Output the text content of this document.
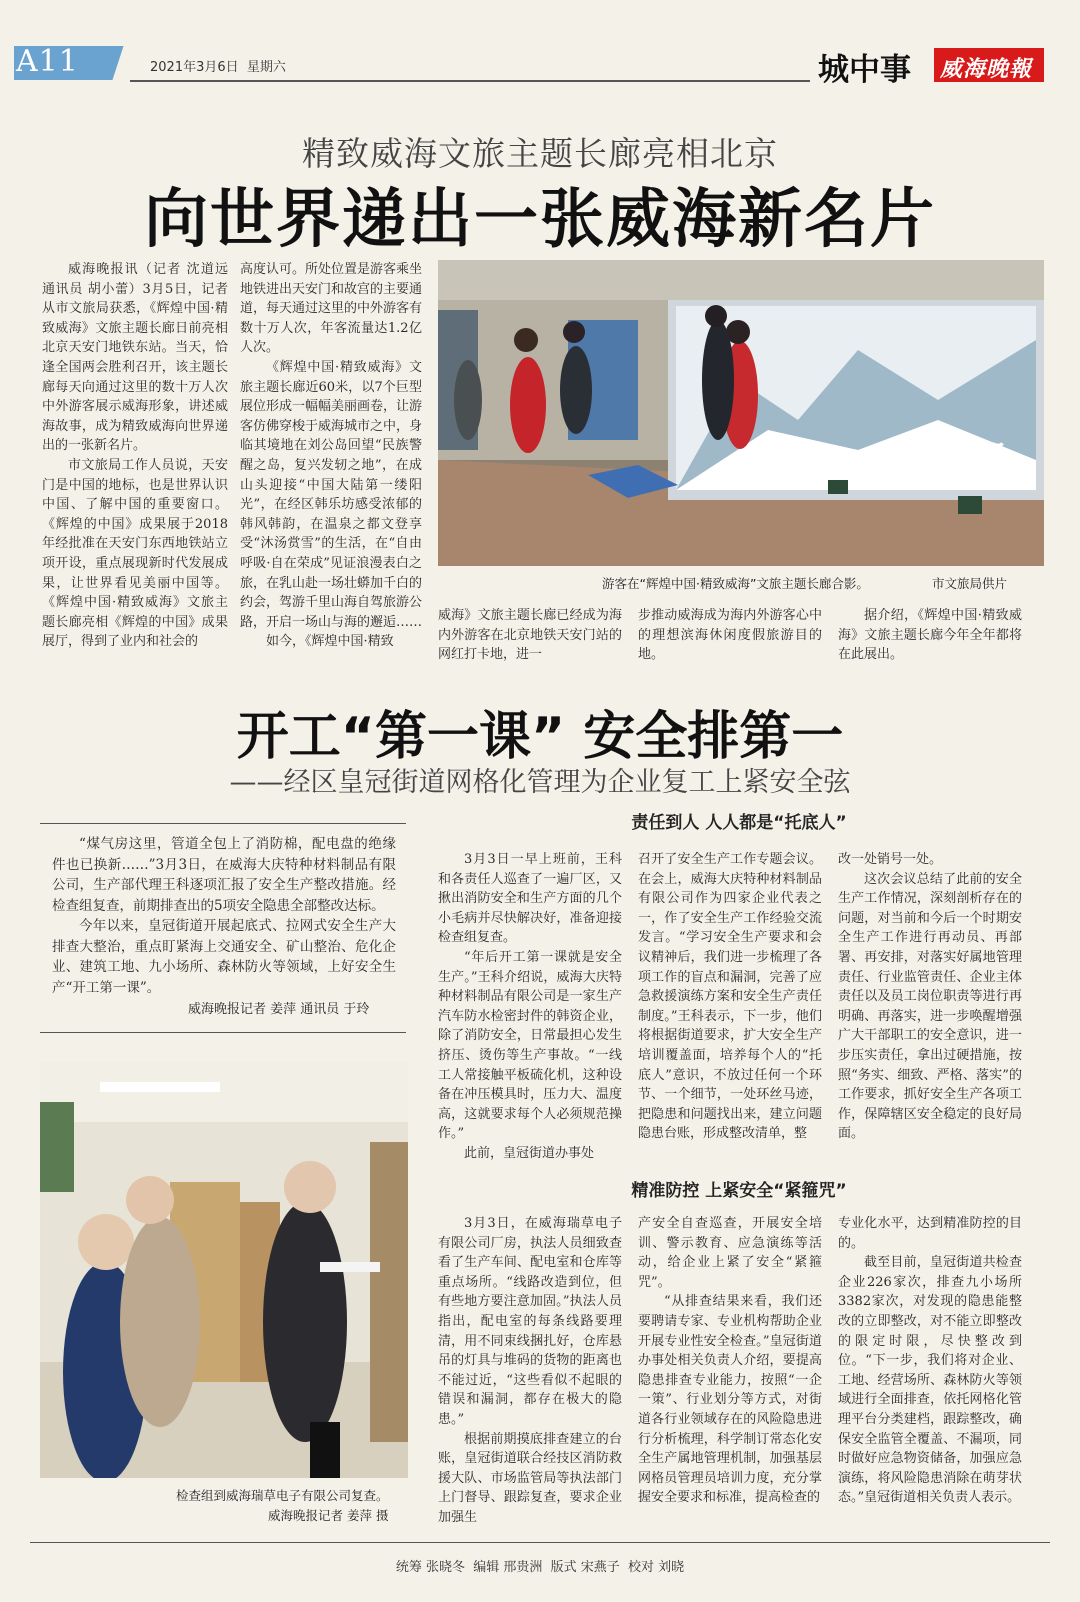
A11	2021年3月6日  星期六	城中事 威海晚報
精致威海文旅主题长廊亮相北京
向世界递出一张威海新名片

威海晚报讯（记者 沈道远 通讯员 胡小蕾）3月5日，记者从市文旅局获悉，《辉煌中国·精致威海》文旅主题长廊日前亮相北京天安门地铁东站。当天，恰逢全国两会胜利召开，该主题长廊每天向通过这里的数十万人次中外游客展示威海形象，讲述威海故事，成为精致威海向世界递出的一张新名片。

市文旅局工作人员说，天安门是中国的地标，也是世界认识中国、了解中国的重要窗口。《辉煌的中国》成果展于2018年经批准在天安门东西地铁站立项开设，重点展现新时代发展成果，让世界看见美丽中国等。《辉煌中国·精致威海》文旅主题长廊亮相《辉煌的中国》成果展厅，得到了业内和社会的

高度认可。所处位置是游客乘坐地铁进出天安门和故宫的主要通道，每天通过这里的中外游客有数十万人次，年客流量达1.2亿人次。

《辉煌中国·精致威海》文旅主题长廊近60米，以7个巨型展位形成一幅幅美丽画卷，让游客仿佛穿梭于威海城市之中，身临其境地在刘公岛回望“民族警醒之岛，复兴发轫之地”，在成山头迎接“中国大陆第一缕阳光”，在经区韩乐坊感受浓郁的韩风韩韵，在温泉之都文登享受“沐汤赏雪”的生活，在“自由呼吸·自在荣成”见证浪漫表白之旅，在乳山赴一场壮蟒加千白的约会，驾游千里山海自驾旅游公路，开启一场山与海的邂逅……

如今，《辉煌中国·精致

温泉之都·
游客在“辉煌中国·精致威海”文旅主题长廊合影。	市文旅局供片

威海》文旅主题长廊已经成为海内外游客在北京地铁天安门站的网红打卡地，进一

步推动威海成为海内外游客心中的理想滨海休闲度假旅游目的地。

据介绍，《辉煌中国·精致威海》文旅主题长廊今年全年都将在此展出。

开工“第一课” 安全排第一
——经区皇冠街道网格化管理为企业复工上紧安全弦

“煤气房这里，管道全包上了消防棉，配电盘的绝缘件也已换新……”3月3日，在威海大庆特种材料制品有限公司，生产部代理王科逐项汇报了安全生产整改措施。经检查组复查，前期排查出的5项安全隐患全部整改达标。

今年以来，皇冠街道开展起底式、拉网式安全生产大排查大整治，重点盯紧海上交通安全、矿山整治、危化企业、建筑工地、九小场所、森林防火等领域，上好安全生产“开工第一课”。

威海晚报记者 姜萍 通讯员 于玲
检查组到威海瑞草电子有限公司复查。
威海晚报记者 姜萍 摄
责任到人 人人都是“托底人”

3月3日一早上班前，王科和各责任人巡查了一遍厂区，又揪出消防安全和生产方面的几个小毛病并尽快解决好，准备迎接检查组复查。

“年后开工第一课就是安全生产。”王科介绍说，威海大庆特种材料制品有限公司是一家生产汽车防水检密封件的韩资企业，除了消防安全，日常最担心发生挤压、烫伤等生产事故。“一线工人常接触平板硫化机，这种设备在冲压模具时，压力大、温度高，这就要求每个人必须规范操作。”

此前，皇冠街道办事处

召开了安全生产工作专题会议。在会上，威海大庆特种材料制品有限公司作为四家企业代表之一，作了安全生产工作经验交流发言。“学习安全生产要求和会议精神后，我们进一步梳理了各项工作的盲点和漏洞，完善了应急救援演练方案和安全生产责任制度。”王科表示，下一步，他们将根据街道要求，扩大安全生产培训覆盖面，培养每个人的“托底人”意识，不放过任何一个环节、一个细节，一处环丝马迹，把隐患和问题找出来，建立问题隐患台账，形成整改清单，整

改一处销号一处。

这次会议总结了此前的安全生产工作情况，深刻剖析存在的问题，对当前和今后一个时期安全生产工作进行再动员、再部署、再安排，对落实好属地管理责任、行业监管责任、企业主体责任以及员工岗位职责等进行再明确、再落实，进一步唤醒增强广大干部职工的安全意识，进一步压实责任，拿出过硬措施，按照“务实、细致、严格、落实”的工作要求，抓好安全生产各项工作，保障辖区安全稳定的良好局面。

精准防控 上紧安全“紧箍咒”

3月3日，在威海瑞草电子有限公司厂房，执法人员细致查看了生产车间、配电室和仓库等重点场所。“线路改造到位，但有些地方要注意加固。”执法人员指出，配电室的每条线路要理清，用不同束线捆扎好，仓库悬吊的灯具与堆码的货物的距离也不能过近，“这些看似不起眼的错误和漏洞，都存在极大的隐患。”

根据前期摸底排查建立的台账，皇冠街道联合经技区消防救援大队、市场监管局等执法部门上门督导、跟踪复查，要求企业加强生

产安全自查巡查，开展安全培训、警示教育、应急演练等活动，给企业上紧了安全“紧箍咒”。

“从排查结果来看，我们还要聘请专家、专业机构帮助企业开展专业性安全检查。”皇冠街道办事处相关负责人介绍，要提高隐患排查专业能力，按照“一企一策”、行业划分等方式，对街道各行业领域存在的风险隐患进行分析梳理，科学制订常态化安全生产属地管理机制，加强基层网格员管理员培训力度，充分掌握安全要求和标准，提高检查的

专业化水平，达到精准防控的目的。

截至目前，皇冠街道共检查企业226家次，排查九小场所3382家次，对发现的隐患能整改的立即整改，对不能立即整改的限定时限，尽快整改到位。“下一步，我们将对企业、工地、经营场所、森林防火等领域进行全面排查，依托网格化管理平台分类建档，跟踪整改，确保安全监管全覆盖、不漏项，同时做好应急物资储备，加强应急演练，将风险隐患消除在萌芽状态。”皇冠街道相关负责人表示。

统筹 张晓冬  编辑 邢贵洲  版式 宋燕子  校对 刘晓
